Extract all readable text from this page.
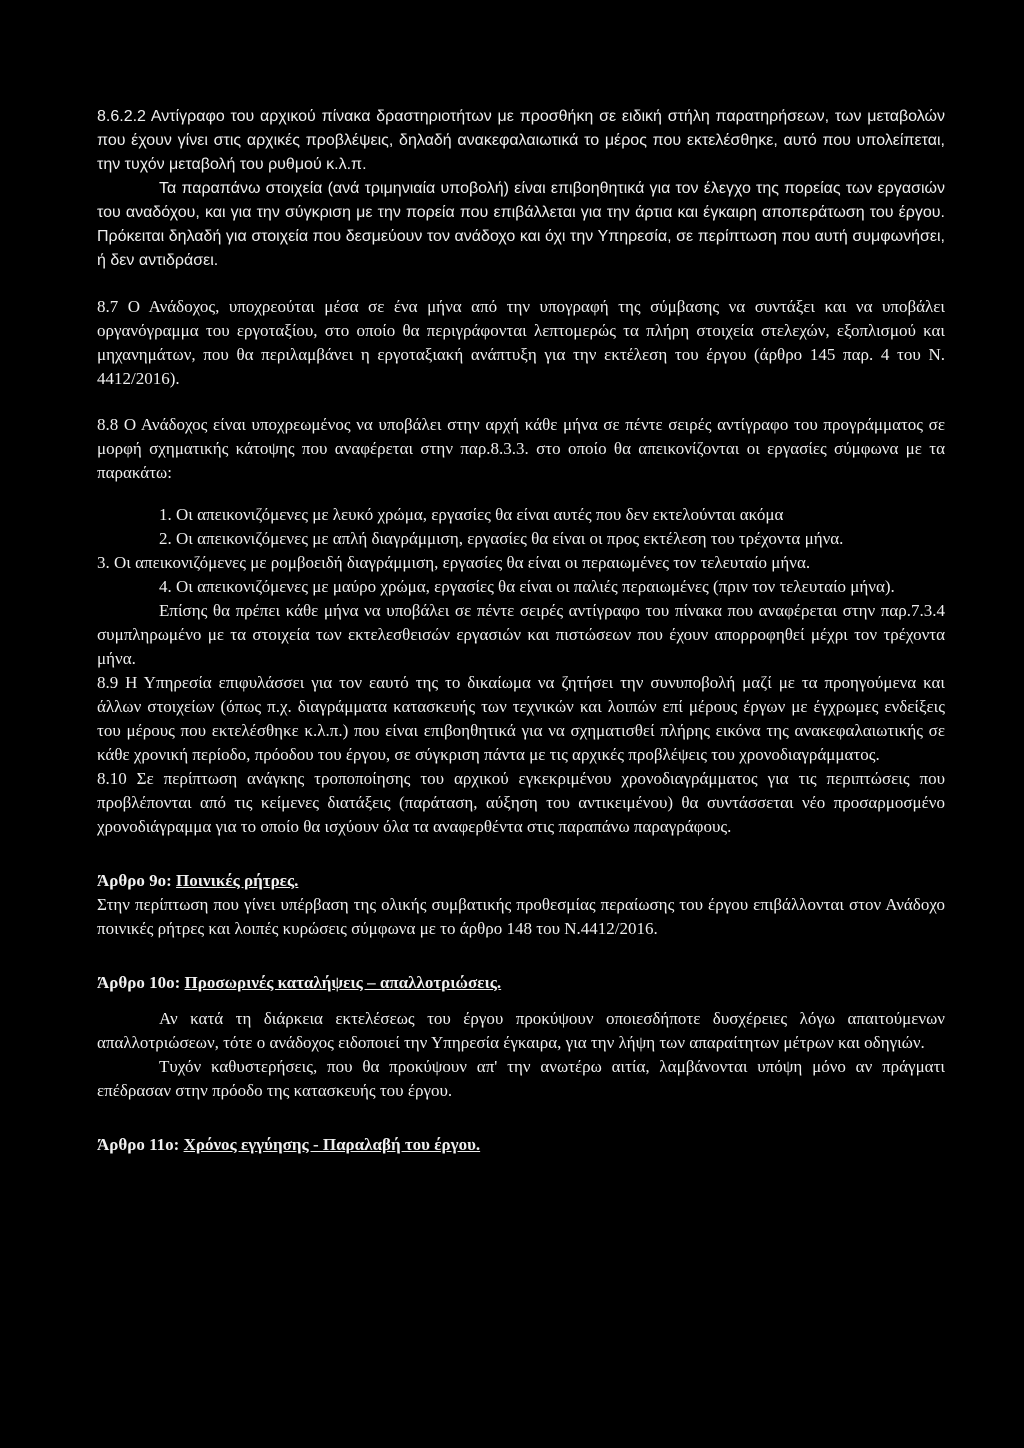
8.6.2.2 Αντίγραφο του αρχικού πίνακα δραστηριοτήτων με προσθήκη σε ειδική στήλη παρατηρήσεων, των μεταβολών που έχουν γίνει στις αρχικές προβλέψεις, δηλαδή ανακεφαλαιωτικά το μέρος που εκτελέσθηκε, αυτό που υπολείπεται, την τυχόν μεταβολή του ρυθμού κ.λ.π.

Τα παραπάνω στοιχεία (ανά τριμηνιαία υποβολή) είναι επιβοηθητικά για τον έλεγχο της πορείας των εργασιών του αναδόχου, και για την σύγκριση με την πορεία που επιβάλλεται για την άρτια και έγκαιρη αποπεράτωση του έργου. Πρόκειται δηλαδή για στοιχεία που δεσμεύουν τον ανάδοχο και όχι την Υπηρεσία, σε περίπτωση που αυτή συμφωνήσει, ή δεν αντιδράσει.

8.7 Ο Ανάδοχος, υποχρεούται μέσα σε ένα μήνα από την υπογραφή της σύμβασης να συντάξει και να υποβάλει οργανόγραμμα του εργοταξίου, στο οποίο θα περιγράφονται λεπτομερώς τα πλήρη στοιχεία στελεχών, εξοπλισμού και μηχανημάτων, που θα περιλαμβάνει η εργοταξιακή ανάπτυξη για την εκτέλεση του έργου (άρθρο 145 παρ. 4 του Ν. 4412/2016).

8.8 Ο Ανάδοχος είναι υποχρεωμένος να υποβάλει στην αρχή κάθε μήνα σε πέντε σειρές αντίγραφο του προγράμματος σε μορφή σχηματικής κάτοψης που αναφέρεται στην παρ.8.3.3. στο οποίο θα απεικονίζονται οι εργασίες σύμφωνα με τα παρακάτω:

1. Οι απεικονιζόμενες με λευκό χρώμα, εργασίες θα είναι αυτές που δεν εκτελούνται ακόμα

2. Οι απεικονιζόμενες με απλή διαγράμμιση, εργασίες θα είναι οι προς εκτέλεση του τρέχοντα μήνα.

3. Οι απεικονιζόμενες με ρομβοειδή διαγράμμιση, εργασίες θα είναι οι περαιωμένες τον τελευταίο μήνα.

4. Οι απεικονιζόμενες με μαύρο χρώμα, εργασίες θα είναι οι παλιές περαιωμένες (πριν τον τελευταίο μήνα).

Επίσης θα πρέπει κάθε μήνα να υποβάλει σε πέντε σειρές αντίγραφο του πίνακα που αναφέρεται στην παρ.7.3.4 συμπληρωμένο με τα στοιχεία των εκτελεσθεισών εργασιών και πιστώσεων που έχουν απορροφηθεί μέχρι τον τρέχοντα μήνα.

8.9 Η Υπηρεσία επιφυλάσσει για τον εαυτό της το δικαίωμα να ζητήσει την συνυποβολή μαζί με τα προηγούμενα και άλλων στοιχείων (όπως π.χ. διαγράμματα κατασκευής των τεχνικών και λοιπών επί μέρους έργων με έγχρωμες ενδείξεις του μέρους που εκτελέσθηκε κ.λ.π.) που είναι επιβοηθητικά για να σχηματισθεί πλήρης εικόνα της ανακεφαλαιωτικής σε κάθε χρονική περίοδο, πρόοδου του έργου, σε σύγκριση πάντα με τις αρχικές προβλέψεις του χρονοδιαγράμματος.

8.10 Σε περίπτωση ανάγκης τροποποίησης του αρχικού εγκεκριμένου χρονοδιαγράμματος για τις περιπτώσεις που προβλέπονται από τις κείμενες διατάξεις (παράταση, αύξηση του αντικειμένου) θα συντάσσεται νέο προσαρμοσμένο χρονοδιάγραμμα για το οποίο θα ισχύουν όλα τα αναφερθέντα στις παραπάνω παραγράφους.

Άρθρο 9ο: Ποινικές ρήτρες.

Στην περίπτωση που γίνει υπέρβαση της ολικής συμβατικής προθεσμίας περαίωσης του έργου επιβάλλονται στον Ανάδοχο ποινικές ρήτρες και λοιπές κυρώσεις σύμφωνα με το άρθρο 148 του Ν.4412/2016.

Άρθρο 10ο: Προσωρινές καταλήψεις – απαλλοτριώσεις.

Αν κατά τη διάρκεια εκτελέσεως του έργου προκύψουν οποιεσδήποτε δυσχέρειες λόγω απαιτούμενων απαλλοτριώσεων, τότε ο ανάδοχος ειδοποιεί την Υπηρεσία έγκαιρα, για την λήψη των απαραίτητων μέτρων και οδηγιών.

Τυχόν καθυστερήσεις, που θα προκύψουν απ' την ανωτέρω αιτία, λαμβάνονται υπόψη μόνο αν πράγματι επέδρασαν στην πρόοδο της κατασκευής του έργου.

Άρθρο 11ο: Χρόνος εγγύησης - Παραλαβή του έργου.
